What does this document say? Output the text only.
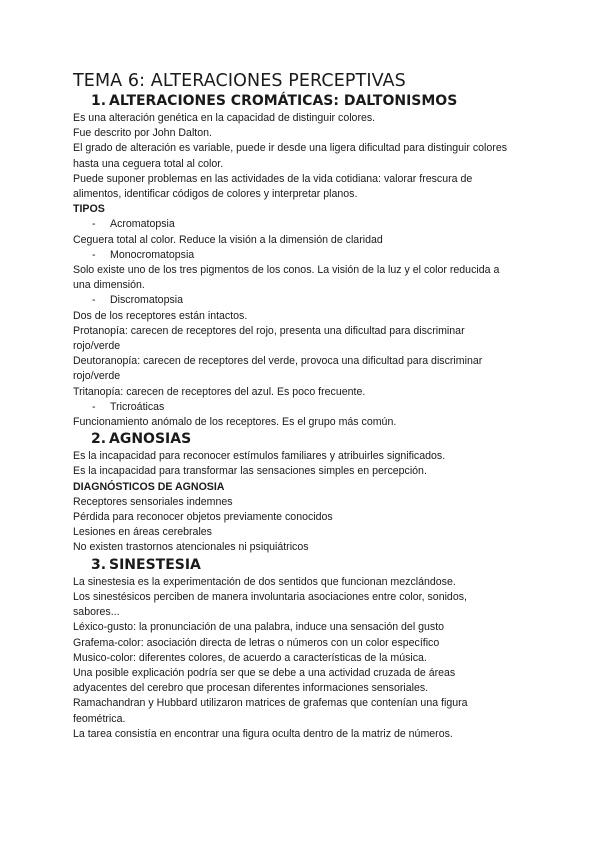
TEMA 6: ALTERACIONES PERCEPTIVAS
1. ALTERACIONES CROMÁTICAS: DALTONISMOS

Es una alteración genética en la capacidad de distinguir colores.

Fue descrito por John Dalton.

El grado de alteración es variable, puede ir desde una ligera dificultad para distinguir colores

hasta una ceguera total al color.

Puede suponer problemas en las actividades de la vida cotidiana: valorar frescura de

alimentos, identificar códigos de colores y interpretar planos.

TIPOS

- Acromatopsia

Ceguera total al color. Reduce la visión a la dimensión de claridad

- Monocromatopsia

Solo existe uno de los tres pigmentos de los conos. La visión de la luz y el color reducida a

una dimensión.

- Discromatopsia

Dos de los receptores están intactos.

Protanopía: carecen de receptores del rojo, presenta una dificultad para discriminar

rojo/verde

Deutoranopía: carecen de receptores del verde, provoca una dificultad para discriminar

rojo/verde

Tritanopía: carecen de receptores del azul. Es poco frecuente.

- Tricroáticas

Funcionamiento anómalo de los receptores. Es el grupo más común.

2. AGNOSIAS

Es la incapacidad para reconocer estímulos familiares y atribuirles significados.

Es la incapacidad para transformar las sensaciones simples en percepción.

DIAGNÓSTICOS DE AGNOSIA

Receptores sensoriales indemnes

Pérdida para reconocer objetos previamente conocidos

Lesiones en áreas cerebrales

No existen trastornos atencionales ni psiquiátricos

3. SINESTESIA

La sinestesia es la experimentación de dos sentidos que funcionan mezclándose.

Los sinestésicos perciben de manera involuntaria asociaciones entre color, sonidos,

sabores...

Léxico-gusto: la pronunciación de una palabra, induce una sensación del gusto

Grafema-color: asociación directa de letras o números con un color específico

Musico-color: diferentes colores, de acuerdo a características de la música.

Una posible explicación podría ser que se debe a una actividad cruzada de áreas

adyacentes del cerebro que procesan diferentes informaciones sensoriales.

Ramachandran y Hubbard utilizaron matrices de grafemas que contenían una figura

feométrica.

La tarea consistía en encontrar una figura oculta dentro de la matriz de números.
